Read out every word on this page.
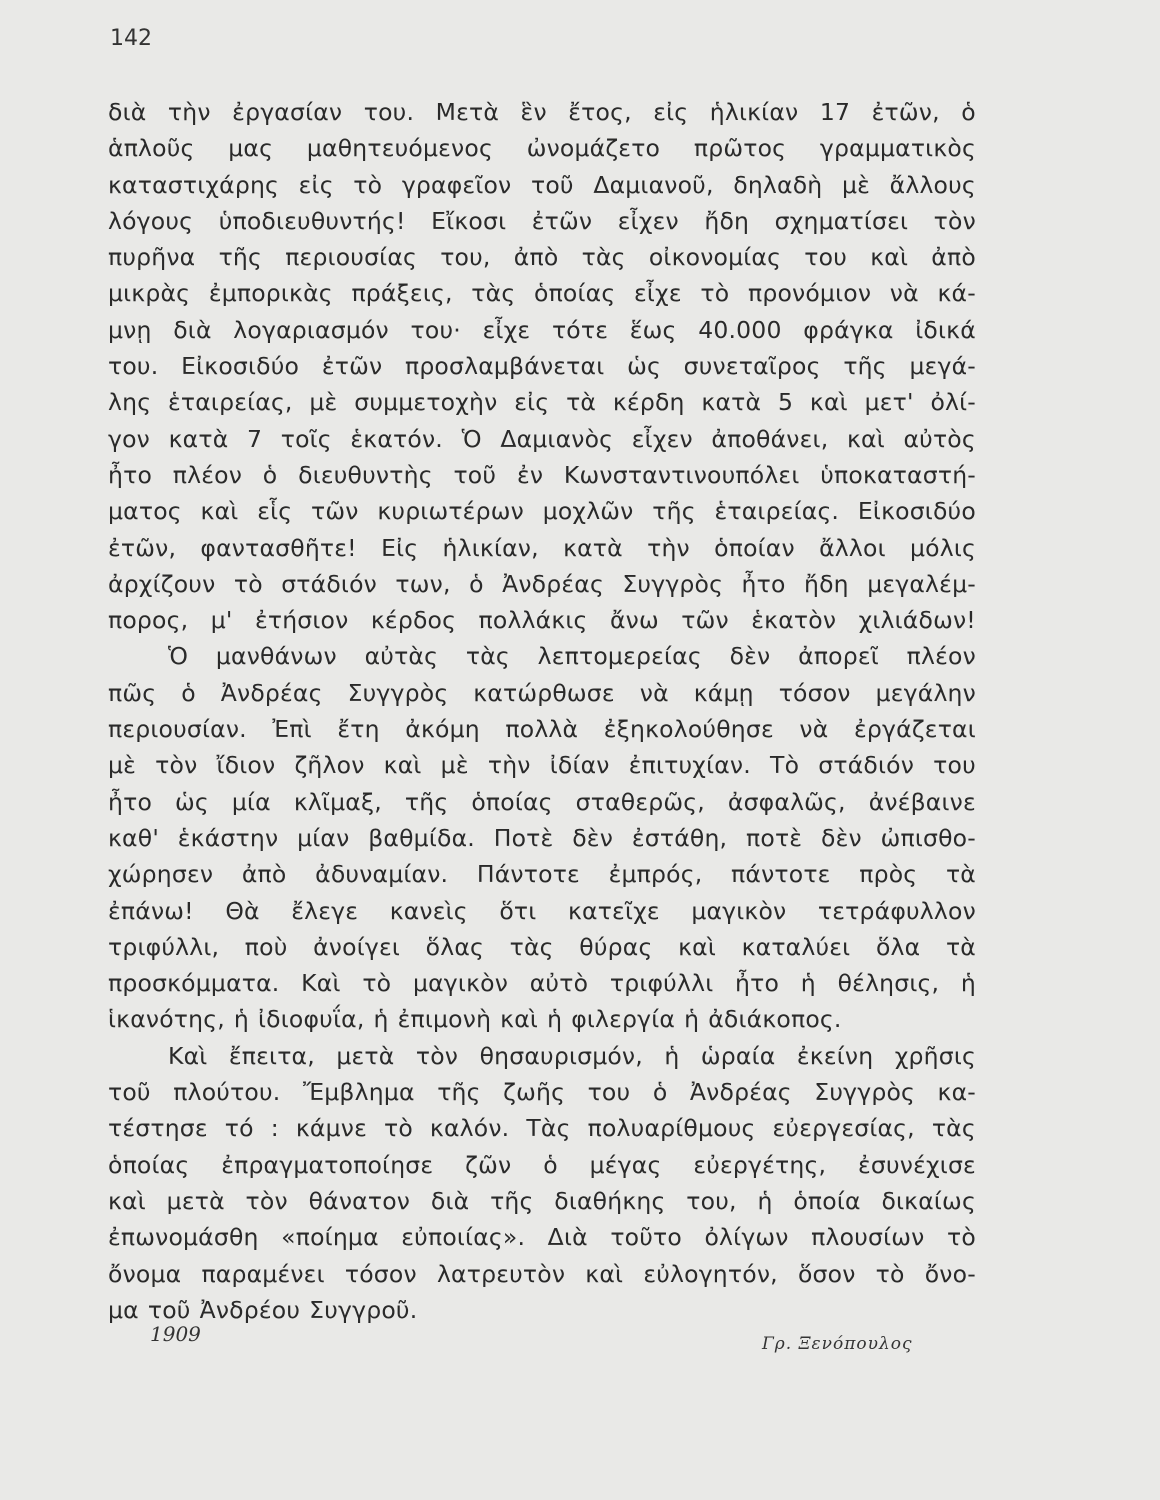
142
διὰ τὴν ἐργασίαν του. Μετὰ ἓν ἔτος, εἰς ἡλικίαν 17 ἐτῶν, ὁ
ἁπλοῦς μας μαθητευόμενος ὠνομάζετο πρῶτος γραμματικὸς
καταστιχάρης εἰς τὸ γραφεῖον τοῦ Δαμιανοῦ, δηλαδὴ μὲ ἄλλους
λόγους ὑποδιευθυντής! Εἴκοσι ἐτῶν εἶχεν ἤδη σχηματίσει τὸν
πυρῆνα τῆς περιουσίας του, ἀπὸ τὰς οἰκονομίας του καὶ ἀπὸ
μικρὰς ἐμπορικὰς πράξεις, τὰς ὁποίας εἶχε τὸ προνόμιον νὰ κά-
μνῃ διὰ λογαριασμόν του· εἶχε τότε ἕως 40.000 φράγκα ἰδικά
του. Εἰκοσιδύο ἐτῶν προσλαμβάνεται ὡς συνεταῖρος τῆς μεγά-
λης ἑταιρείας, μὲ συμμετοχὴν εἰς τὰ κέρδη κατὰ 5 καὶ μετ' ὀλί-
γον κατὰ 7 τοῖς ἑκατόν. Ὁ Δαμιανὸς εἶχεν ἀποθάνει, καὶ αὐτὸς
ἦτο πλέον ὁ διευθυντὴς τοῦ ἐν Κωνσταντινουπόλει ὑποκαταστή-
ματος καὶ εἷς τῶν κυριωτέρων μοχλῶν τῆς ἑταιρείας. Εἰκοσιδύο
ἐτῶν, φαντασθῆτε! Εἰς ἡλικίαν, κατὰ τὴν ὁποίαν ἄλλοι μόλις
ἀρχίζουν τὸ στάδιόν των, ὁ Ἀνδρέας Συγγρὸς ἦτο ἤδη μεγαλέμ-
πορος, μ' ἐτήσιον κέρδος πολλάκις ἄνω τῶν ἑκατὸν χιλιάδων!
Ὁ μανθάνων αὐτὰς τὰς λεπτομερείας δὲν ἀπορεῖ πλέον
πῶς ὁ Ἀνδρέας Συγγρὸς κατώρθωσε νὰ κάμῃ τόσον μεγάλην
περιουσίαν. Ἐπὶ ἔτη ἀκόμη πολλὰ ἐξηκολούθησε νὰ ἐργάζεται
μὲ τὸν ἴδιον ζῆλον καὶ μὲ τὴν ἰδίαν ἐπιτυχίαν. Τὸ στάδιόν του
ἦτο ὡς μία κλῖμαξ, τῆς ὁποίας σταθερῶς, ἀσφαλῶς, ἀνέβαινε
καθ' ἑκάστην μίαν βαθμίδα. Ποτὲ δὲν ἐστάθη, ποτὲ δὲν ὠπισθο-
χώρησεν ἀπὸ ἀδυναμίαν. Πάντοτε ἐμπρός, πάντοτε πρὸς τὰ
ἐπάνω! Θὰ ἔλεγε κανεὶς ὅτι κατεῖχε μαγικὸν τετράφυλλον
τριφύλλι, ποὺ ἀνοίγει ὅλας τὰς θύρας καὶ καταλύει ὅλα τὰ
προσκόμματα. Καὶ τὸ μαγικὸν αὐτὸ τριφύλλι ἦτο ἡ θέλησις, ἡ
ἱκανότης, ἡ ἰδιοφυΐα, ἡ ἐπιμονὴ καὶ ἡ φιλεργία ἡ ἀδιάκοπος.
Καὶ ἔπειτα, μετὰ τὸν θησαυρισμόν, ἡ ὡραία ἐκείνη χρῆσις
τοῦ πλούτου. Ἔμβλημα τῆς ζωῆς του ὁ Ἀνδρέας Συγγρὸς κα-
τέστησε τό : κάμνε τὸ καλόν. Τὰς πολυαρίθμους εὐεργεσίας, τὰς
ὁποίας ἐπραγματοποίησε ζῶν ὁ μέγας εὐεργέτης, ἐσυνέχισε
καὶ μετὰ τὸν θάνατον διὰ τῆς διαθήκης του, ἡ ὁποία δικαίως
ἐπωνομάσθη «ποίημα εὐποιίας». Διὰ τοῦτο ὀλίγων πλουσίων τὸ
ὄνομα παραμένει τόσον λατρευτὸν καὶ εὐλογητόν, ὅσον τὸ ὄνο-
μα τοῦ Ἀνδρέου Συγγροῦ.
1909	Γρ. Ξενόπουλος
